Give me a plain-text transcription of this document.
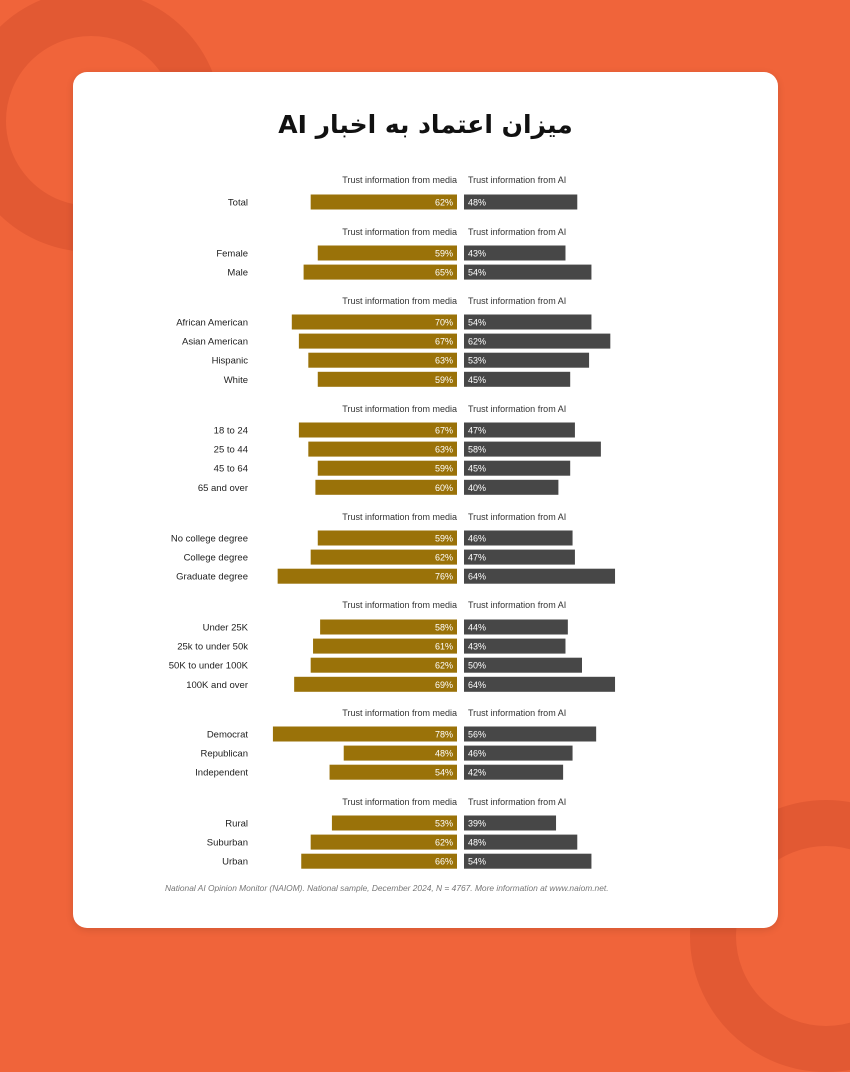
میزان اعتماد به اخبار AI
Trust information from media Trust information from AI
Total	62% 48%
Trust information from media Trust information from AI
Female	59% 43%
Male	65% 54%
Trust information from media Trust information from AI
African American	70% 54%
Asian American	67% 62%
Hispanic	63% 53%
White	59% 45%
Trust information from media Trust information from AI
18 to 24	67% 47%
25 to 44	63% 58%
45 to 64	59% 45%
65 and over	60% 40%
Trust information from media Trust information from AI
No college degree	59% 46%
College degree	62% 47%
Graduate degree	76% 64%
Trust information from media Trust information from AI
Under 25K	58% 44%
25k to under 50k	61% 43%
50K to under 100K	62% 50%
100K and over	69% 64%
Trust information from media Trust information from AI
Democrat	78% 56%
Republican	48% 46%
Independent	54% 42%
Trust information from media Trust information from AI
Rural	53% 39%
Suburban	62% 48%
Urban	66% 54%
National AI Opinion Monitor (NAIOM). National sample, December 2024, N = 4767. More information at www.naiom.net.
